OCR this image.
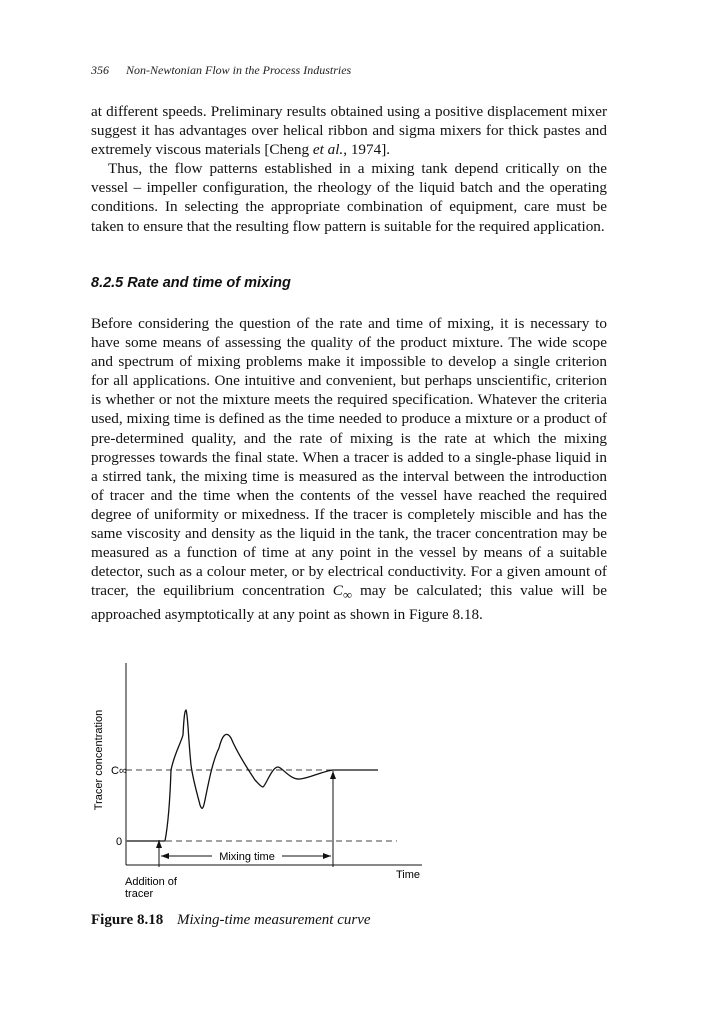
356 Non-Newtonian Flow in the Process Industries

at different speeds. Preliminary results obtained using a positive displacement mixer suggest it has advantages over helical ribbon and sigma mixers for thick pastes and extremely viscous materials [Cheng et al., 1974].

Thus, the flow patterns established in a mixing tank depend critically on the vessel – impeller configuration, the rheology of the liquid batch and the operating conditions. In selecting the appropriate combination of equipment, care must be taken to ensure that the resulting flow pattern is suitable for the required application.

8.2.5 Rate and time of mixing

Before considering the question of the rate and time of mixing, it is necessary to have some means of assessing the quality of the product mixture. The wide scope and spectrum of mixing problems make it impossible to develop a single criterion for all applications. One intuitive and convenient, but perhaps unscientific, criterion is whether or not the mixture meets the required specification. Whatever the criteria used, mixing time is defined as the time needed to produce a mixture or a product of pre-determined quality, and the rate of mixing is the rate at which the mixing progresses towards the final state. When a tracer is added to a single-phase liquid in a stirred tank, the mixing time is measured as the interval between the introduction of tracer and the time when the contents of the vessel have reached the required degree of uniformity or mixedness. If the tracer is completely miscible and has the same viscosity and density as the liquid in the tank, the tracer concentration may be measured as a function of time at any point in the vessel by means of a suitable detector, such as a colour meter, or by electrical conductivity. For a given amount of tracer, the equilibrium concentration $C_\infty$ may be calculated; this value will be approached asymptotically at any point as shown in Figure 8.18.

Mixing time
C∞
0
Tracer concentration
Time
Addition of
tracer
Figure 8.18 Mixing-time measurement curve
